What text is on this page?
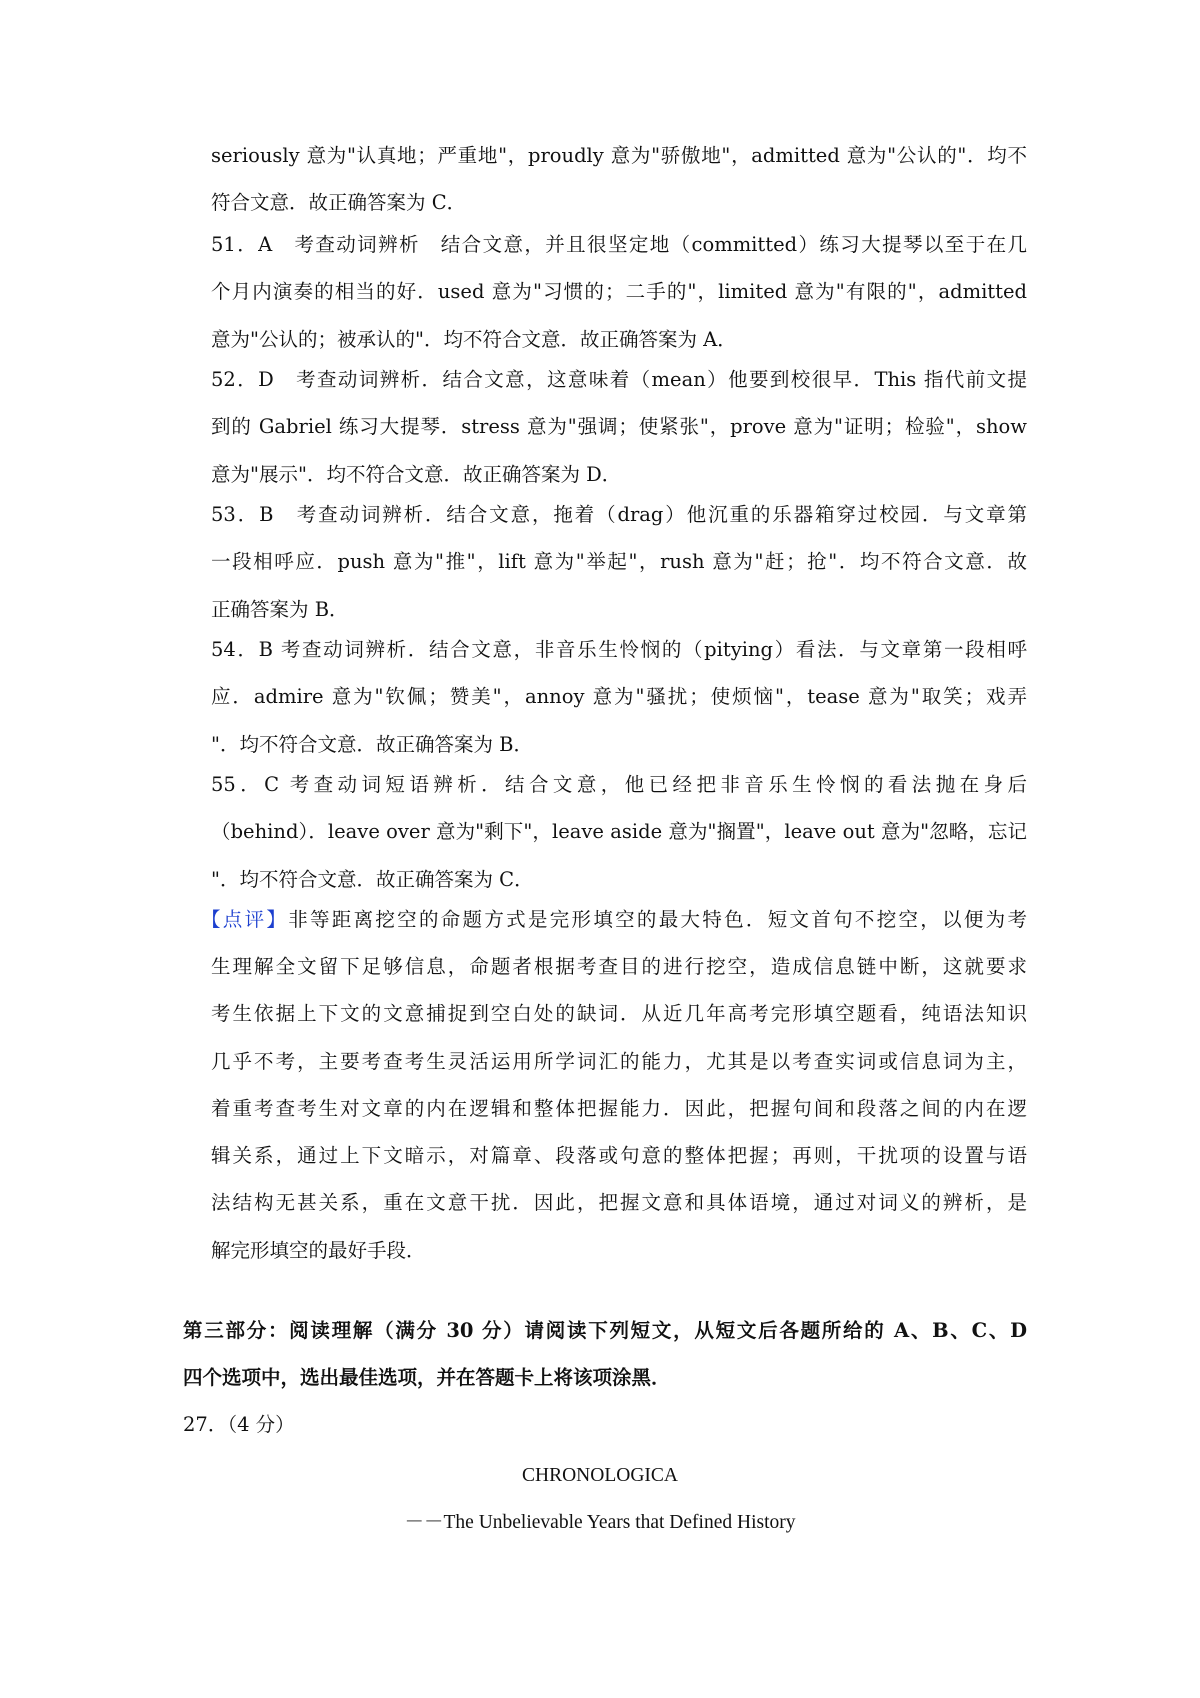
seriously 意为"认真地；严重地"，proudly 意为"骄傲地"，admitted 意为"公认的"．均不
符合文意．故正确答案为 C．
51．A　考查动词辨析　结合文意，并且很坚定地（committed）练习大提琴以至于在几
个月内演奏的相当的好．used 意为"习惯的；二手的"，limited 意为"有限的"，admitted
意为"公认的；被承认的"．均不符合文意．故正确答案为 A．
52．D　考查动词辨析．结合文意，这意味着（mean）他要到校很早．This 指代前文提
到的 Gabriel 练习大提琴．stress 意为"强调；使紧张"，prove 意为"证明；检验"，show
意为"展示"．均不符合文意．故正确答案为 D．
53．B　考查动词辨析．结合文意，拖着（drag）他沉重的乐器箱穿过校园．与文章第
一段相呼应．push 意为"推"，lift 意为"举起"，rush 意为"赶；抢"．均不符合文意．故
正确答案为 B．
54．B 考查动词辨析．结合文意，非音乐生怜悯的（pitying）看法．与文章第一段相呼
应．admire 意为"钦佩；赞美"，annoy 意为"骚扰；使烦恼"，tease 意为"取笑；戏弄
"．均不符合文意．故正确答案为 B．
55．C 考查动词短语辨析．结合文意，他已经把非音乐生怜悯的看法抛在身后
（behind）．leave over 意为"剩下"，leave aside 意为"搁置"，leave out 意为"忽略，忘记
"．均不符合文意．故正确答案为 C．
【点评】非等距离挖空的命题方式是完形填空的最大特色．短文首句不挖空，以便为考
生理解全文留下足够信息，命题者根据考查目的进行挖空，造成信息链中断，这就要求
考生依据上下文的文意捕捉到空白处的缺词．从近几年高考完形填空题看，纯语法知识
几乎不考，主要考查考生灵活运用所学词汇的能力，尤其是以考查实词或信息词为主，
着重考查考生对文章的内在逻辑和整体把握能力．因此，把握句间和段落之间的内在逻
辑关系，通过上下文暗示，对篇章、段落或句意的整体把握；再则，干扰项的设置与语
法结构无甚关系，重在文意干扰．因此，把握文意和具体语境，通过对词义的辨析，是
解完形填空的最好手段．
第三部分：阅读理解（满分 30 分）请阅读下列短文，从短文后各题所给的 A、B、C、D
四个选项中，选出最佳选项，并在答题卡上将该项涂黑．
27．（4 分）
CHRONOLOGICA
－－The Unbelievable Years that Defined History
